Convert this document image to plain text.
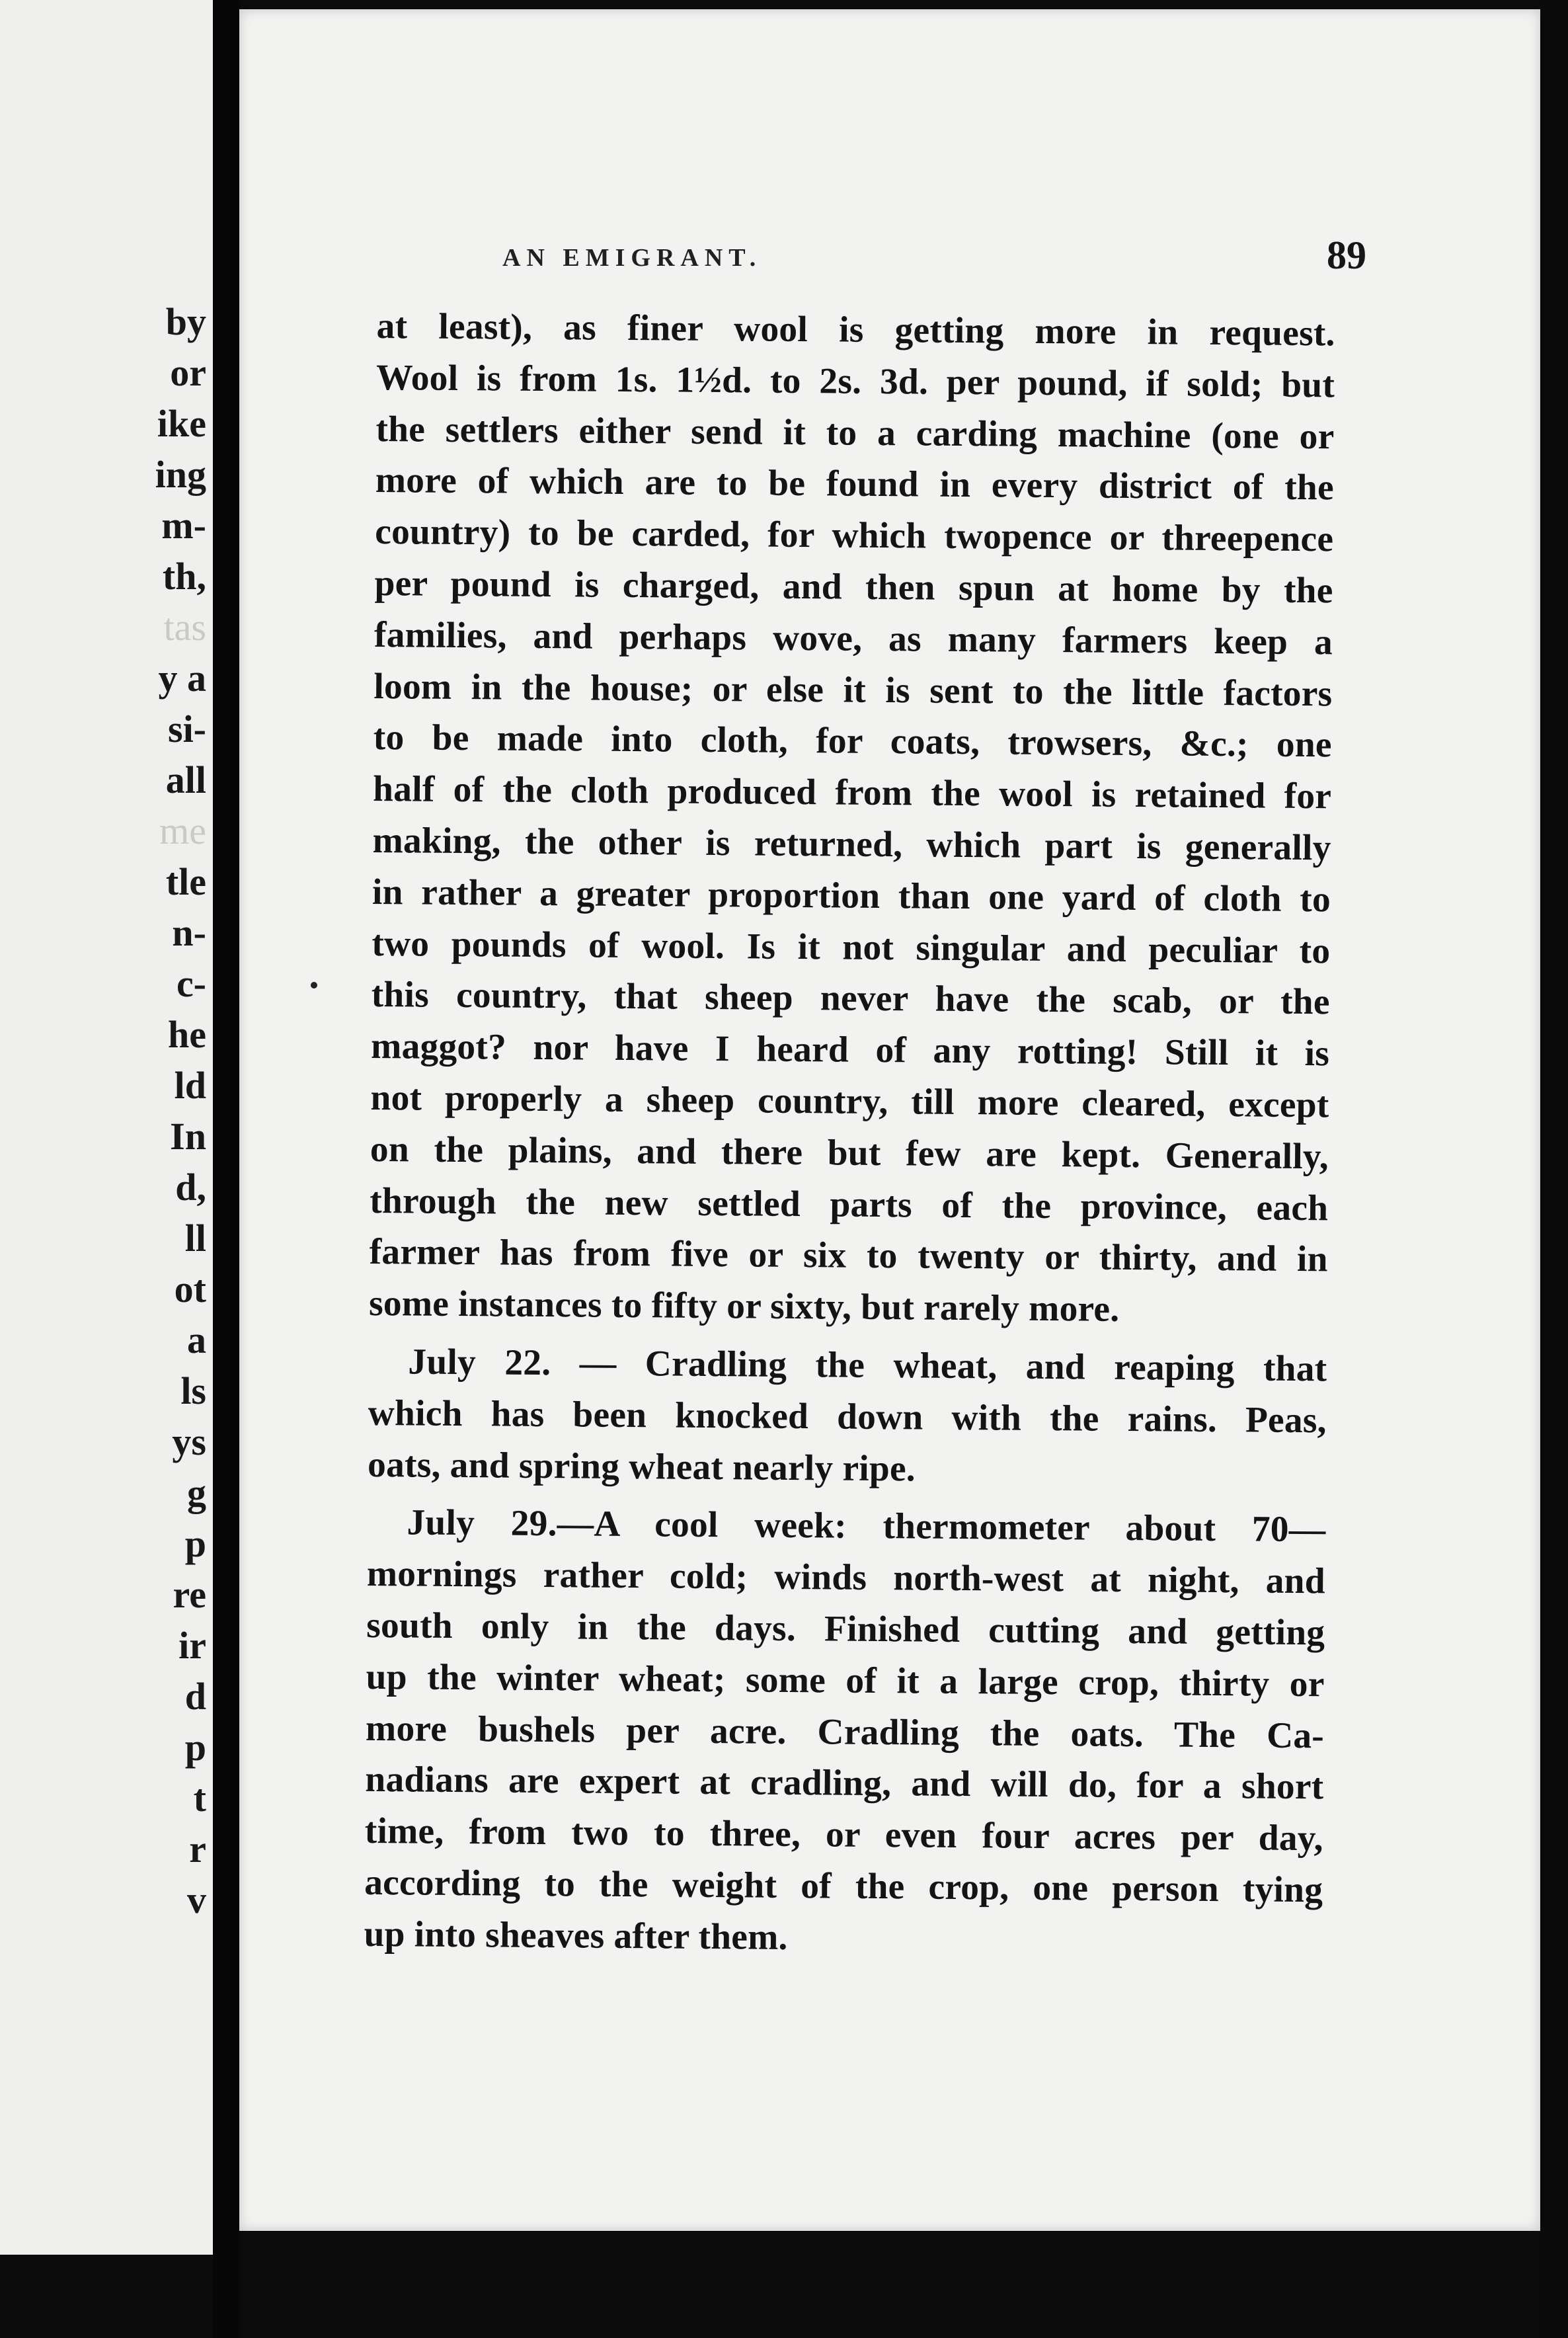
by
or
ike
ing
m-
th,
tas
y a
si-
all
me
tle
n-
c-
he
ld
In
d,
ll
ot
a
ls
ys
g
p
re
ir
d
p
t
r
v
AN EMIGRANT.	89
at least), as finer wool is getting more in request.
Wool is from 1s. 1½d. to 2s. 3d. per pound, if sold; but
the settlers either send it to a carding machine (one or
more of which are to be found in every district of the
country) to be carded, for which twopence or threepence
per pound is charged, and then spun at home by the
families, and perhaps wove, as many farmers keep a
loom in the house; or else it is sent to the little factors
to be made into cloth, for coats, trowsers, &c.; one
half of the cloth produced from the wool is retained for
making, the other is returned, which part is generally
in rather a greater proportion than one yard of cloth to
two pounds of wool. Is it not singular and peculiar to
this country, that sheep never have the scab, or the
maggot? nor have I heard of any rotting! Still it is
not properly a sheep country, till more cleared, except
on the plains, and there but few are kept. Generally,
through the new settled parts of the province, each
farmer has from five or six to twenty or thirty, and in
some instances to fifty or sixty, but rarely more.
July 22. — Cradling the wheat, and reaping that
which has been knocked down with the rains. Peas,
oats, and spring wheat nearly ripe.
July 29.—A cool week: thermometer about 70—
mornings rather cold; winds north-west at night, and
south only in the days. Finished cutting and getting
up the winter wheat; some of it a large crop, thirty or
more bushels per acre. Cradling the oats. The Ca-
nadians are expert at cradling, and will do, for a short
time, from two to three, or even four acres per day,
according to the weight of the crop, one person tying
up into sheaves after them.
